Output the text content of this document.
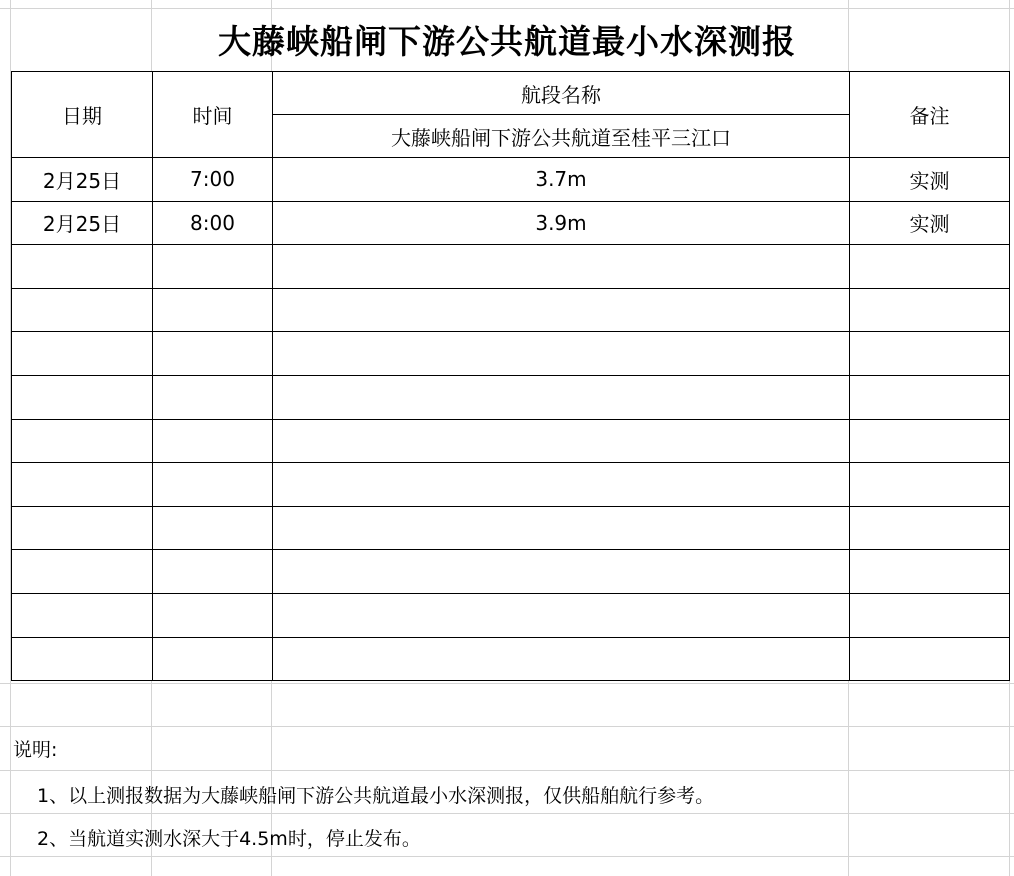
大藤峡船闸下游公共航道最小水深测报
日期	时间	航段名称	备注
		大藤峡船闸下游公共航道至桂平三江口	
2月25日	7:00	3.7m	实测
2月25日	8:00	3.9m	实测

说明:
1、以上测报数据为大藤峡船闸下游公共航道最小水深测报，仅供船舶航行参考。
2、当航道实测水深大于4.5m时，停止发布。
